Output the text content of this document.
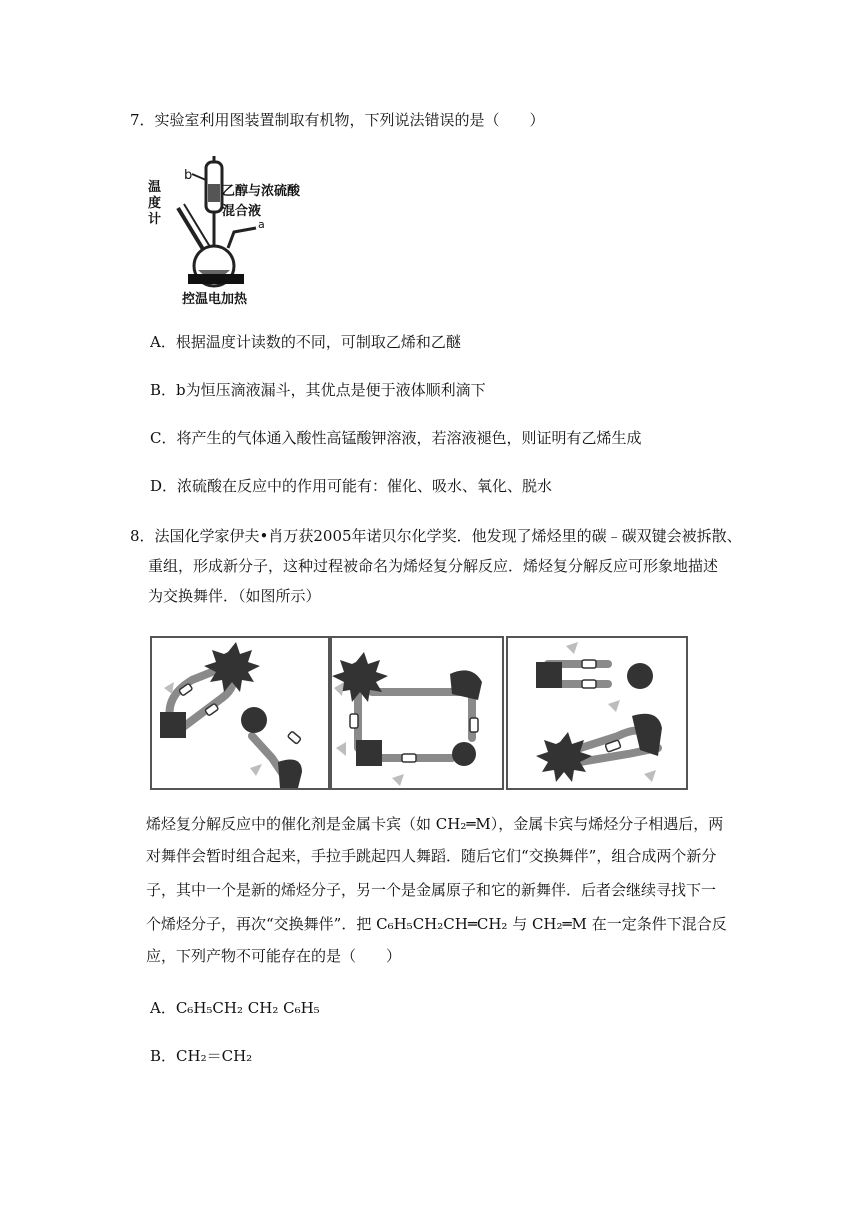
7．实验室利用图装置制取有机物，下列说法错误的是（　　）
b
乙醇与浓硫酸
混合液
a
温
度
计
控温电加热
A．根据温度计读数的不同，可制取乙烯和乙醚
B．b为恒压滴液漏斗，其优点是便于液体顺利滴下
C．将产生的气体通入酸性高锰酸钾溶液，若溶液褪色，则证明有乙烯生成
D．浓硫酸在反应中的作用可能有：催化、吸水、氧化、脱水
8．法国化学家伊夫•肖万获2005年诺贝尔化学奖．他发现了烯烃里的碳﹣碳双键会被拆散、
重组，形成新分子，这种过程被命名为烯烃复分解反应．烯烃复分解反应可形象地描述
为交换舞伴．（如图所示）
烯烃复分解反应中的催化剂是金属卡宾（如 CH₂═M），金属卡宾与烯烃分子相遇后，两
对舞伴会暂时组合起来，手拉手跳起四人舞蹈．随后它们“交换舞伴”，组合成两个新分
子，其中一个是新的烯烃分子，另一个是金属原子和它的新舞伴．后者会继续寻找下一
个烯烃分子，再次“交换舞伴”．把 C₆H₅CH₂CH═CH₂ 与 CH₂═M 在一定条件下混合反
应，下列产物不可能存在的是（　　）
A．C₆H₅CH₂ CH₂ C₆H₅
B．CH₂＝CH₂
